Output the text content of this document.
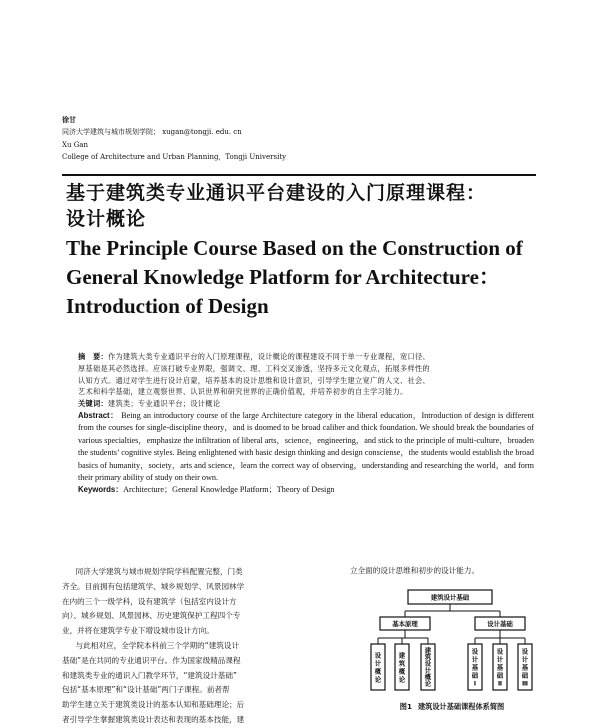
徐甘
同济大学建筑与城市规划学院； xugan@tongji. edu. cn
Xu Gan
College of Architecture and Urban Planning，Tongji University
基于建筑类专业通识平台建设的入门原理课程：
设计概论
The Principle Course Based on the Construction of
General Knowledge Platform for Architecture：
Introduction of Design

摘　要：作为建筑大类专业通识平台的入门原理课程，设计概论的课程建设不同于单一专业课程，宽口径、
厚基础是其必然选择。应该打破专业界限，强调文、理、工科交叉渗透，坚持多元文化观点，拓展多样性的
认知方式。通过对学生进行设计启蒙，培养基本的设计思维和设计意识，引导学生建立宽广的人文、社会、
艺术和科学基础，建立观察世界、认识世界和研究世界的正确价值观，并培养初步的自主学习能力。

关键词：建筑类；专业通识平台；设计概论

Abstract： Being an introductory course of the large Architecture category in the liberal education，Introduction of design is different from the courses for single-discipline theory，and is doomed to be broad caliber and thick foundation. We should break the boundaries of various specialties，emphasize the infiltration of liberal arts，science，engineering，and stick to the principle of multi-culture，broaden the students’ cognitive styles. Being enlightened with basic design thinking and design consciense，the students would establish the broad basics of humanity，society，arts and science，learn the correct way of observing，understanding and researching the world，and form their primary ability of study on their own.

Keywords：Architecture；General Knowledge Platform；Theory of Design

同济大学建筑与城市规划学院学科配置完整，门类
齐全。目前拥有包括建筑学、城乡规划学、风景园林学
在内的三个一级学科，设有建筑学（包括室内设计方
向）、城乡规划、风景园林、历史建筑保护工程四个专
业，并将在建筑学专业下增设城市设计方向。

与此相对应，全学院本科前三个学期的“建筑设计
基础”是在共同的专业通识平台。作为国家级精品课程
和建筑类专业的通识入门教学环节，“建筑设计基础”
包括“基本原理”和“设计基础”两门子课程。前者帮
助学生建立关于建筑类设计的基本认知和基础理论；后
者引导学生掌握建筑类设计表达和表现的基本技能，建

立全面的设计思维和初步的设计能力。
建筑设计基础
基本原理	设计基础
设计概论
建筑概论
建筑设计概论
设计基础 Ⅰ
设计基础 Ⅱ
设计基础 Ⅲ
图1 建筑设计基础课程体系简图
